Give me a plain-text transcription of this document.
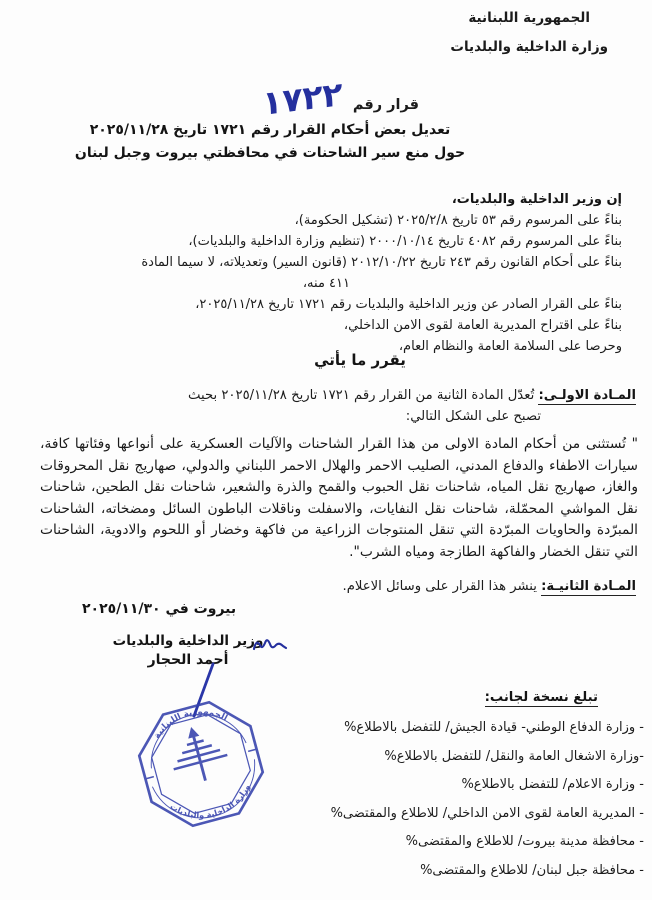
الجمهورية اللبنانية
وزارة الداخلية والبلديات
قرار رقم
١٧٢٢
تعديل بعض أحكام القرار رقم ١٧٢١ تاريخ ٢٠٢٥/١١/٢٨
حول منع سير الشاحنات في محافظتي بيروت وجبل لبنان
إن وزير الداخلية والبلديات،
بناءً على المرسوم رقم ٥٣ تاريخ ٢٠٢٥/٢/٨ (تشكيل الحكومة)،
بناءً على المرسوم رقم ٤٠٨٢ تاريخ ٢٠٠٠/١٠/١٤ (تنظيم وزارة الداخلية والبلديات)،
بناءً على أحكام القانون رقم ٢٤٣ تاريخ ٢٠١٢/١٠/٢٢ (قانون السير) وتعديلاته، لا سيما المادة
٤١١ منه،
بناءً على القرار الصادر عن وزير الداخلية والبلديات رقم ١٧٢١ تاريخ ٢٠٢٥/١١/٢٨،
بناءً على اقتراح المديرية العامة لقوى الامن الداخلي،
وحرصا على السلامة العامة والنظام العام،
يقرر ما يأتي
المـادة الاولـى: تُعدّل المادة الثانية من القرار رقم ١٧٢١ تاريخ ٢٠٢٥/١١/٢٨ بحيث
تصبح على الشكل التالي:
" تُستثنى من أحكام المادة الاولى من هذا القرار الشاحنات والآليات العسكرية على أنواعها وفئاتها كافة، سيارات الاطفاء والدفاع المدني، الصليب الاحمر والهلال الاحمر اللبناني والدولي، صهاريج نقل المحروقات والغاز، صهاريج نقل المياه، شاحنات نقل الحبوب والقمح والذرة والشعير، شاحنات نقل الطحين، شاحنات نقل المواشي المحمّلة، شاحنات نقل النفايات، والاسفلت وناقلات الباطون السائل ومضخاته، الشاحنات المبرّدة والحاويات المبرّدة التي تنقل المنتوجات الزراعية من فاكهة وخضار أو اللحوم والادوية، الشاحنات التي تنقل الخضار والفاكهة الطازجة ومياه الشرب".
المـادة الثانيـة: ينشر هذا القرار على وسائل الاعلام.
بيروت في ٢٠٢٥/١١/٣٠
وزير الداخلية والبلديات
أحمد الحجار
الجمهورية اللبنانية
وزارة الداخلية والبلديات
تبلغ نسخة لجانب:
- وزارة الدفاع الوطني- قيادة الجيش/ للتفضل بالاطلاع%
-وزارة الاشغال العامة والنقل/ للتفضل بالاطلاع%
- وزارة الاعلام/ للتفضل بالاطلاع%
- المديرية العامة لقوى الامن الداخلي/ للاطلاع والمقتضى%
- محافظة مدينة بيروت/ للاطلاع والمقتضى%
- محافظة جبل لبنان/ للاطلاع والمقتضى%
